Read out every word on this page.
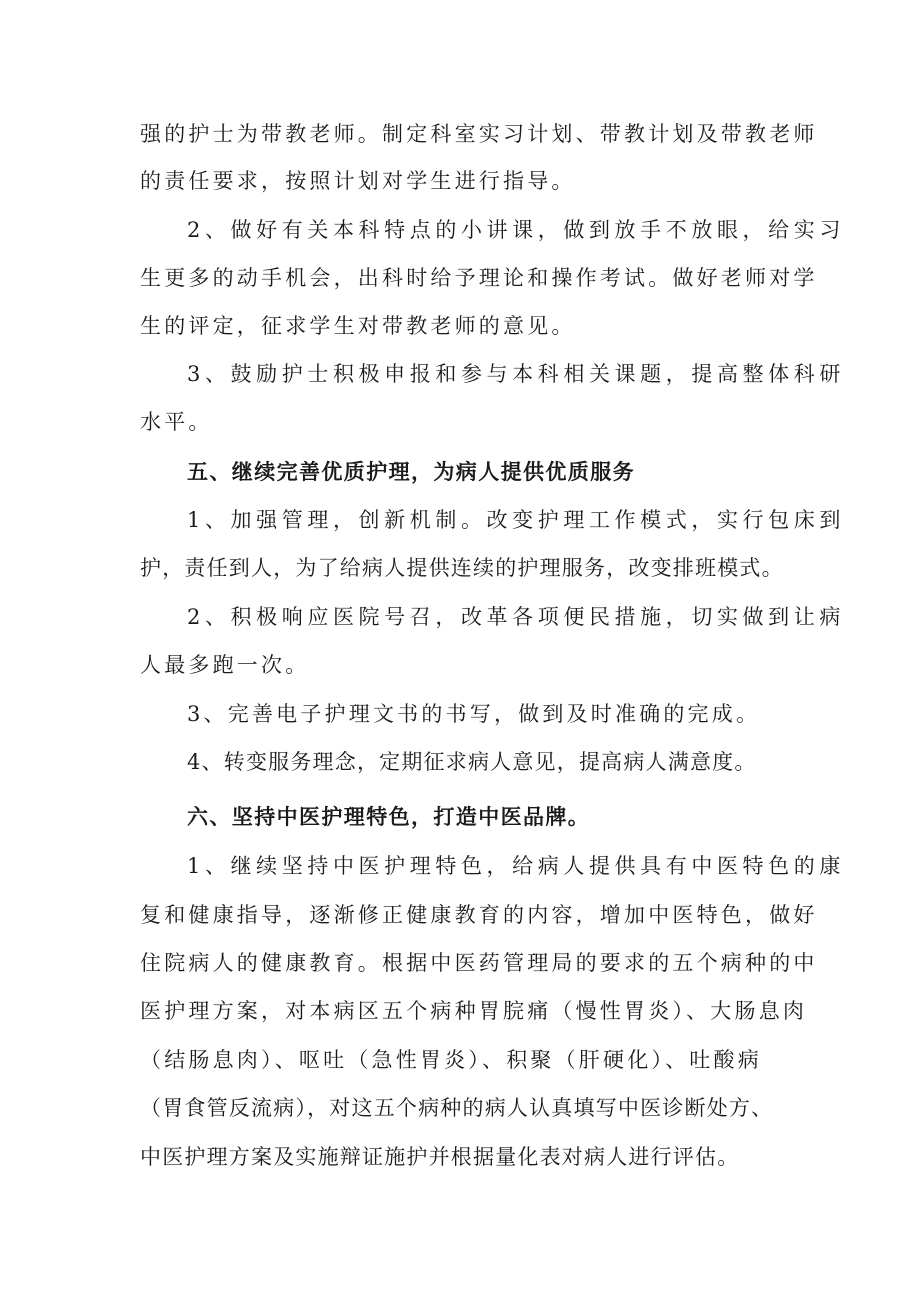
强的护士为带教老师。制定科室实习计划、带教计划及带教老师
的责任要求，按照计划对学生进行指导。
2、做好有关本科特点的小讲课，做到放手不放眼，给实习
生更多的动手机会，出科时给予理论和操作考试。做好老师对学
生的评定，征求学生对带教老师的意见。
3、鼓励护士积极申报和参与本科相关课题，提高整体科研
水平。
五、继续完善优质护理，为病人提供优质服务
1、加强管理，创新机制。改变护理工作模式，实行包床到
护，责任到人，为了给病人提供连续的护理服务，改变排班模式。
2、积极响应医院号召，改革各项便民措施，切实做到让病
人最多跑一次。
3、完善电子护理文书的书写，做到及时准确的完成。
4、转变服务理念，定期征求病人意见，提高病人满意度。
六、坚持中医护理特色，打造中医品牌。
1、继续坚持中医护理特色，给病人提供具有中医特色的康
复和健康指导，逐渐修正健康教育的内容，增加中医特色，做好
住院病人的健康教育。根据中医药管理局的要求的五个病种的中
医护理方案，对本病区五个病种胃脘痛（慢性胃炎）、大肠息肉
（结肠息肉）、呕吐（急性胃炎）、积聚（肝硬化）、吐酸病
（胃食管反流病），对这五个病种的病人认真填写中医诊断处方、
中医护理方案及实施辩证施护并根据量化表对病人进行评估。
